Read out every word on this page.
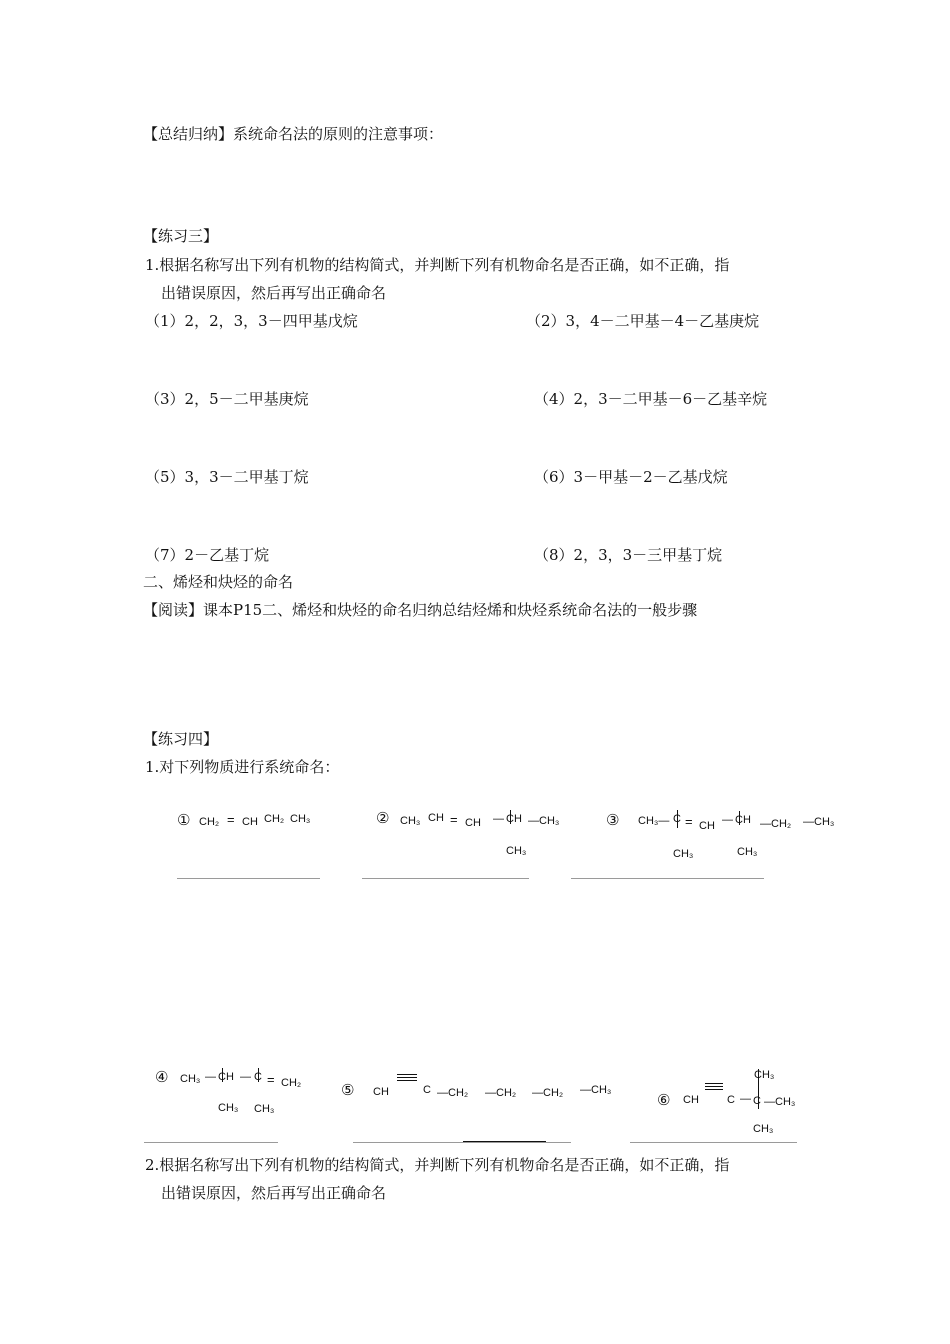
【总结归纳】系统命名法的原则的注意事项：
【练习三】
1.根据名称写出下列有机物的结构简式，并判断下列有机物命名是否正确，如不正确，指
出错误原因，然后再写出正确命名
（1）2，2，3，3－四甲基戊烷	（2）3，4－二甲基－4－乙基庚烷
（3）2，5－二甲基庚烷	（4）2，3－二甲基－6－乙基辛烷
（5）3，3－二甲基丁烷	（6）3－甲基－2－乙基戊烷
（7）2－乙基丁烷	（8）2，3，3－三甲基丁烷
二、烯烃和炔烃的命名
【阅读】课本P15二、烯烃和炔烃的命名归纳总结烃烯和炔烃系统命名法的一般步骤
【练习四】
1.对下列物质进行系统命名：
① CH₂ = CH CH₂ CH₃	② CH₃ CH = CH — CH —CH₃
CH₃
③ CH₃— C = CH — CH —CH₂ —CH₃
CH₃	CH₃
④ CH₃ — CH — C = CH₂
CH₃ CH₃
⑤ CH	C —CH₂ —CH₂ —CH₂ —CH₃
⑥ CH	C — C —CH₃
CH₃
CH₃
2.根据名称写出下列有机物的结构简式，并判断下列有机物命名是否正确，如不正确，指
出错误原因，然后再写出正确命名
